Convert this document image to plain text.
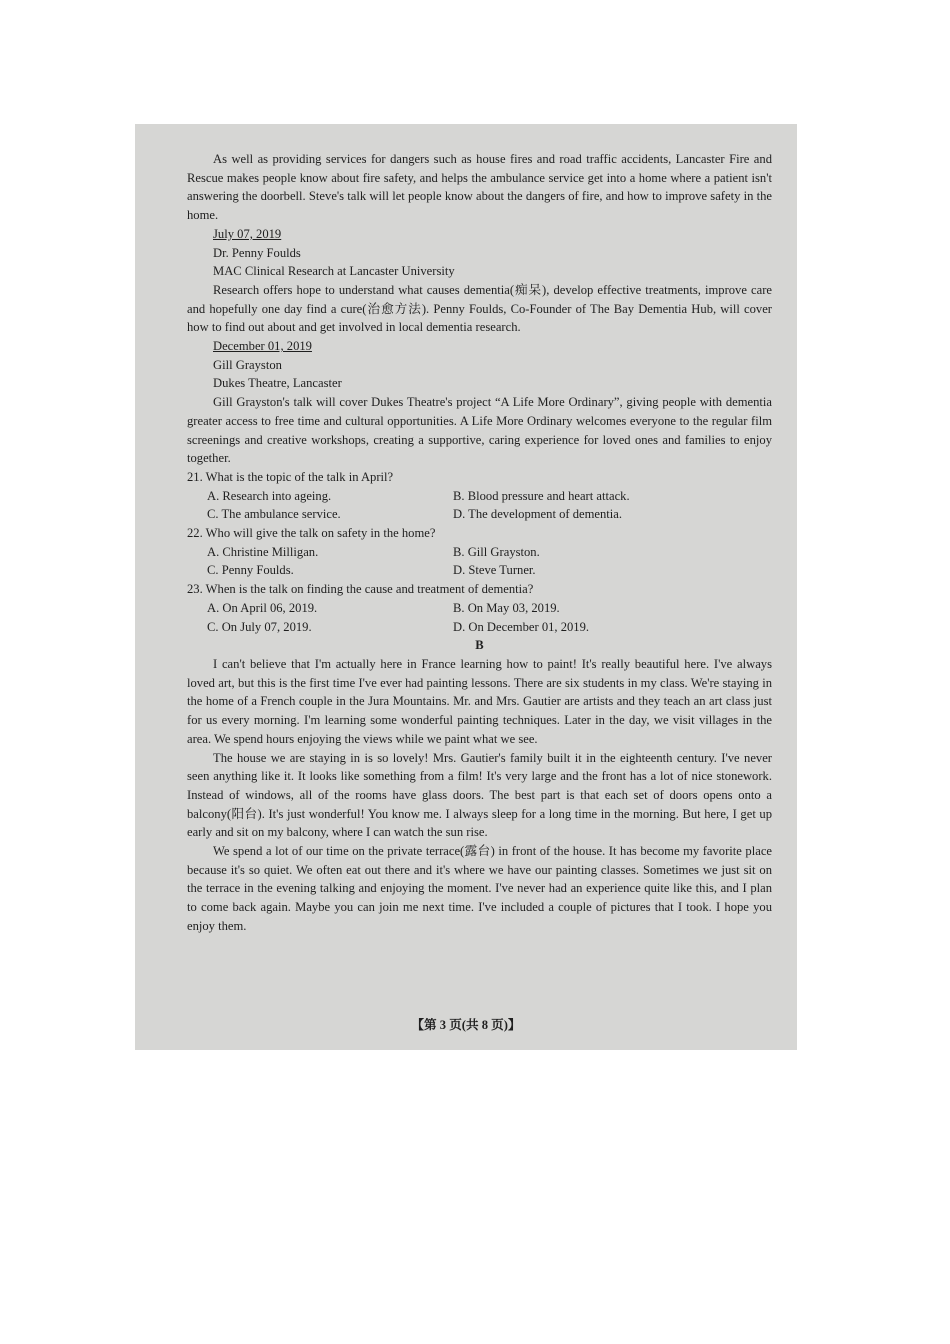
As well as providing services for dangers such as house fires and road traffic accidents, Lancaster Fire and Rescue makes people know about fire safety, and helps the ambulance service get into a home where a patient isn't answering the doorbell. Steve's talk will let people know about the dangers of fire, and how to improve safety in the home.

July 07, 2019

Dr. Penny Foulds

MAC Clinical Research at Lancaster University

Research offers hope to understand what causes dementia(痴呆), develop effective treatments, improve care and hopefully one day find a cure(治愈方法). Penny Foulds, Co-Founder of The Bay Dementia Hub, will cover how to find out about and get involved in local dementia research.

December 01, 2019

Gill Grayston

Dukes Theatre, Lancaster

Gill Grayston's talk will cover Dukes Theatre's project “A Life More Ordinary”, giving people with dementia greater access to free time and cultural opportunities. A Life More Ordinary welcomes everyone to the regular film screenings and creative workshops, creating a supportive, caring experience for loved ones and families to enjoy together.

21. What is the topic of the talk in April?

A. Research into ageing.	B. Blood pressure and heart attack.
C. The ambulance service.	D. The development of dementia.

22. Who will give the talk on safety in the home?

A. Christine Milligan.	B. Gill Grayston.
C. Penny Foulds.	D. Steve Turner.

23. When is the talk on finding the cause and treatment of dementia?

A. On April 06, 2019.	B. On May 03, 2019.
C. On July 07, 2019.	D. On December 01, 2019.

B

I can't believe that I'm actually here in France learning how to paint! It's really beautiful here. I've always loved art, but this is the first time I've ever had painting lessons. There are six students in my class. We're staying in the home of a French couple in the Jura Mountains. Mr. and Mrs. Gautier are artists and they teach an art class just for us every morning. I'm learning some wonderful painting techniques. Later in the day, we visit villages in the area. We spend hours enjoying the views while we paint what we see.

The house we are staying in is so lovely! Mrs. Gautier's family built it in the eighteenth century. I've never seen anything like it. It looks like something from a film! It's very large and the front has a lot of nice stonework. Instead of windows, all of the rooms have glass doors. The best part is that each set of doors opens onto a balcony(阳台). It's just wonderful! You know me. I always sleep for a long time in the morning. But here, I get up early and sit on my balcony, where I can watch the sun rise.

We spend a lot of our time on the private terrace(露台) in front of the house. It has become my favorite place because it's so quiet. We often eat out there and it's where we have our painting classes. Sometimes we just sit on the terrace in the evening talking and enjoying the moment. I've never had an experience quite like this, and I plan to come back again. Maybe you can join me next time. I've included a couple of pictures that I took. I hope you enjoy them.

【第 3 页(共 8 页)】
